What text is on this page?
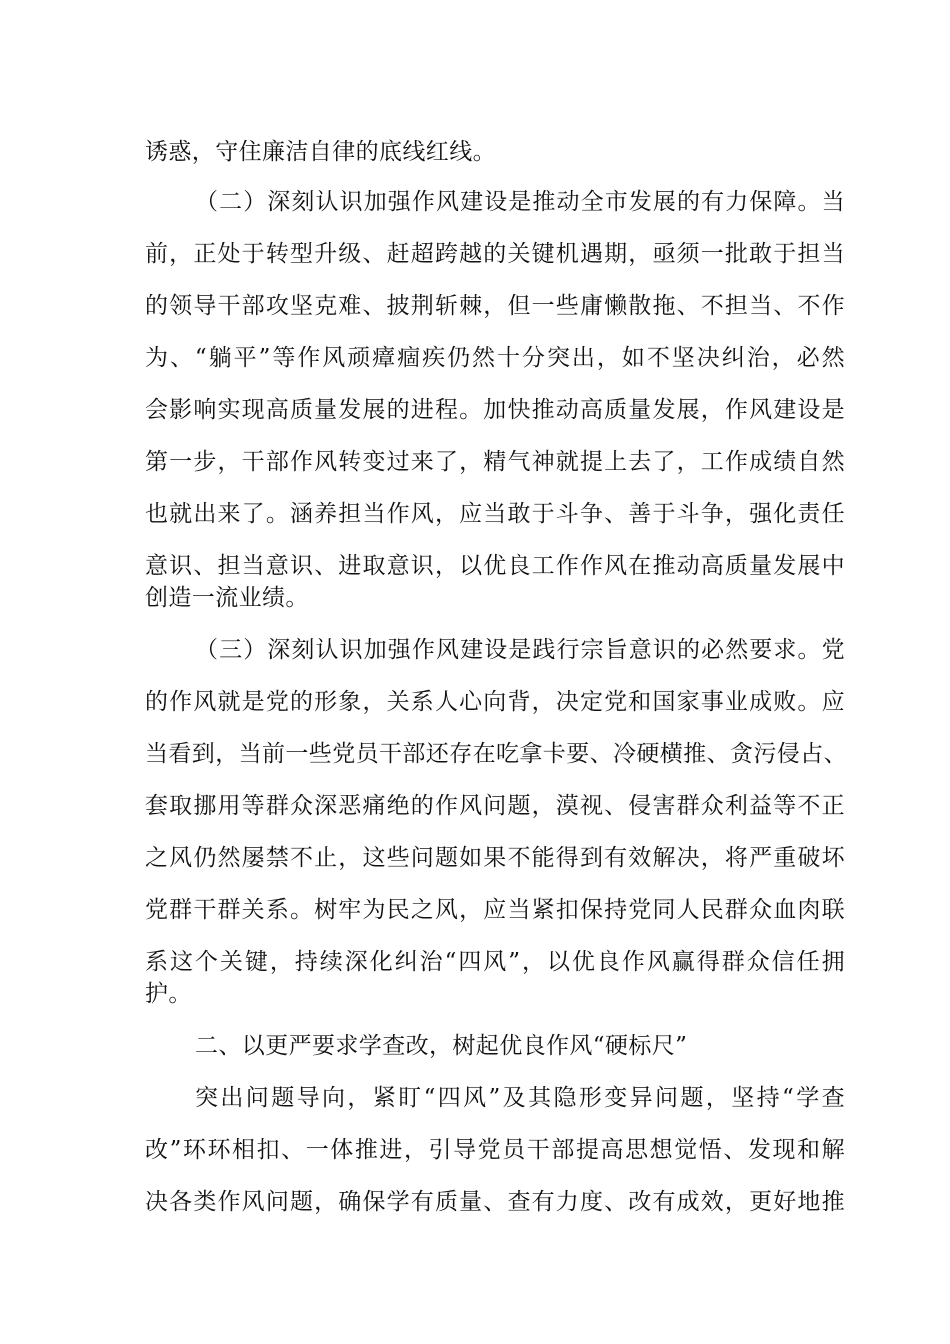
诱惑，守住廉洁自律的底线红线。
（二）深刻认识加强作风建设是推动全市发展的有力保障。当
前，正处于转型升级、赶超跨越的关键机遇期，亟须一批敢于担当
的领导干部攻坚克难、披荆斩棘，但一些庸懒散拖、不担当、不作
为、“躺平”等作风顽瘴痼疾仍然十分突出，如不坚决纠治，必然
会影响实现高质量发展的进程。加快推动高质量发展，作风建设是
第一步，干部作风转变过来了，精气神就提上去了，工作成绩自然
也就出来了。涵养担当作风，应当敢于斗争、善于斗争，强化责任
意识、担当意识、进取意识，以优良工作作风在推动高质量发展中
创造一流业绩。
（三）深刻认识加强作风建设是践行宗旨意识的必然要求。党
的作风就是党的形象，关系人心向背，决定党和国家事业成败。应
当看到，当前一些党员干部还存在吃拿卡要、冷硬横推、贪污侵占、
套取挪用等群众深恶痛绝的作风问题，漠视、侵害群众利益等不正
之风仍然屡禁不止，这些问题如果不能得到有效解决，将严重破坏
党群干群关系。树牢为民之风，应当紧扣保持党同人民群众血肉联
系这个关键，持续深化纠治“四风”，以优良作风赢得群众信任拥
护。
二、以更严要求学查改，树起优良作风“硬标尺”
突出问题导向，紧盯“四风”及其隐形变异问题，坚持“学查
改”环环相扣、一体推进，引导党员干部提高思想觉悟、发现和解
决各类作风问题，确保学有质量、查有力度、改有成效，更好地推
